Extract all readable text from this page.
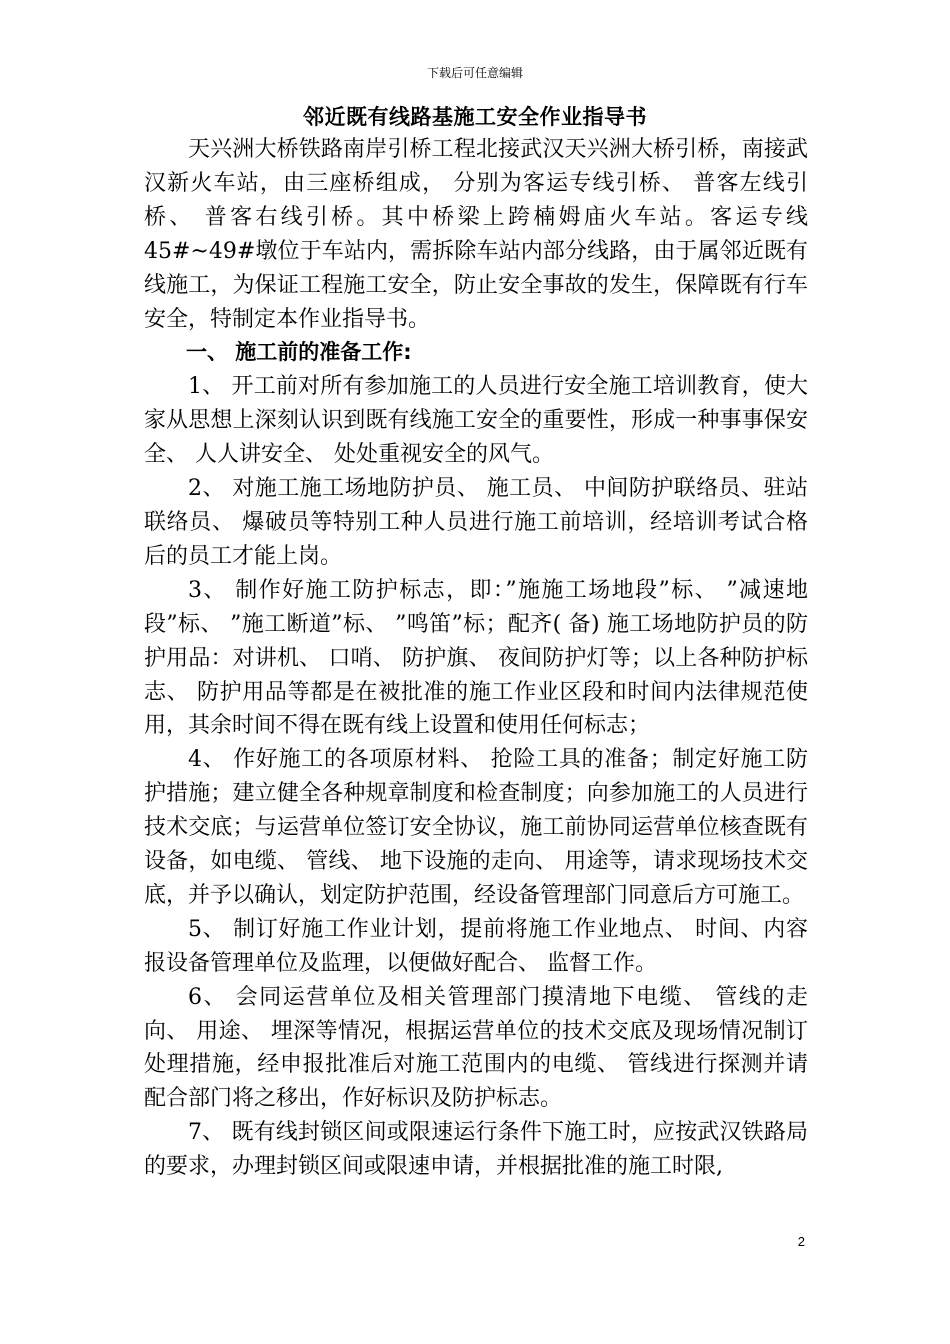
下载后可任意编辑
邻近既有线路基施工安全作业指导书

天兴洲大桥铁路南岸引桥工程北接武汉天兴洲大桥引桥，南接武汉新火车站，由三座桥组成， 分别为客运专线引桥、 普客左线引桥、 普客右线引桥。其中桥梁上跨楠姆庙火车站。客运专线 45#~49#墩位于车站内，需拆除车站内部分线路，由于属邻近既有线施工，为保证工程施工安全，防止安全事故的发生，保障既有行车安全，特制定本作业指导书。

一、 施工前的准备工作:

1、 开工前对所有参加施工的人员进行安全施工培训教育，使大家从思想上深刻认识到既有线施工安全的重要性，形成一种事事保安全、 人人讲安全、 处处重视安全的风气。

2、 对施工施工场地防护员、 施工员、 中间防护联络员、驻站联络员、 爆破员等特别工种人员进行施工前培训，经培训考试合格后的员工才能上岗。

3、 制作好施工防护标志，即：”施施工场地段”标、 ”减速地段”标、 ”施工断道”标、 ”鸣笛”标；配齐( 备) 施工场地防护员的防护用品：对讲机、 口哨、 防护旗、 夜间防护灯等；以上各种防护标志、 防护用品等都是在被批准的施工作业区段和时间内法律规范使用，其余时间不得在既有线上设置和使用任何标志；

4、 作好施工的各项原材料、 抢险工具的准备；制定好施工防护措施；建立健全各种规章制度和检查制度；向参加施工的人员进行技术交底；与运营单位签订安全协议，施工前协同运营单位核查既有设备，如电缆、 管线、 地下设施的走向、 用途等，请求现场技术交底，并予以确认，划定防护范围，经设备管理部门同意后方可施工。

5、 制订好施工作业计划，提前将施工作业地点、 时间、内容报设备管理单位及监理，以便做好配合、 监督工作。

6、 会同运营单位及相关管理部门摸清地下电缆、 管线的走向、 用途、 埋深等情况，根据运营单位的技术交底及现场情况制订处理措施，经申报批准后对施工范围内的电缆、 管线进行探测并请配合部门将之移出，作好标识及防护标志。

7、 既有线封锁区间或限速运行条件下施工时，应按武汉铁路局的要求，办理封锁区间或限速申请，并根据批准的施工时限,

2
